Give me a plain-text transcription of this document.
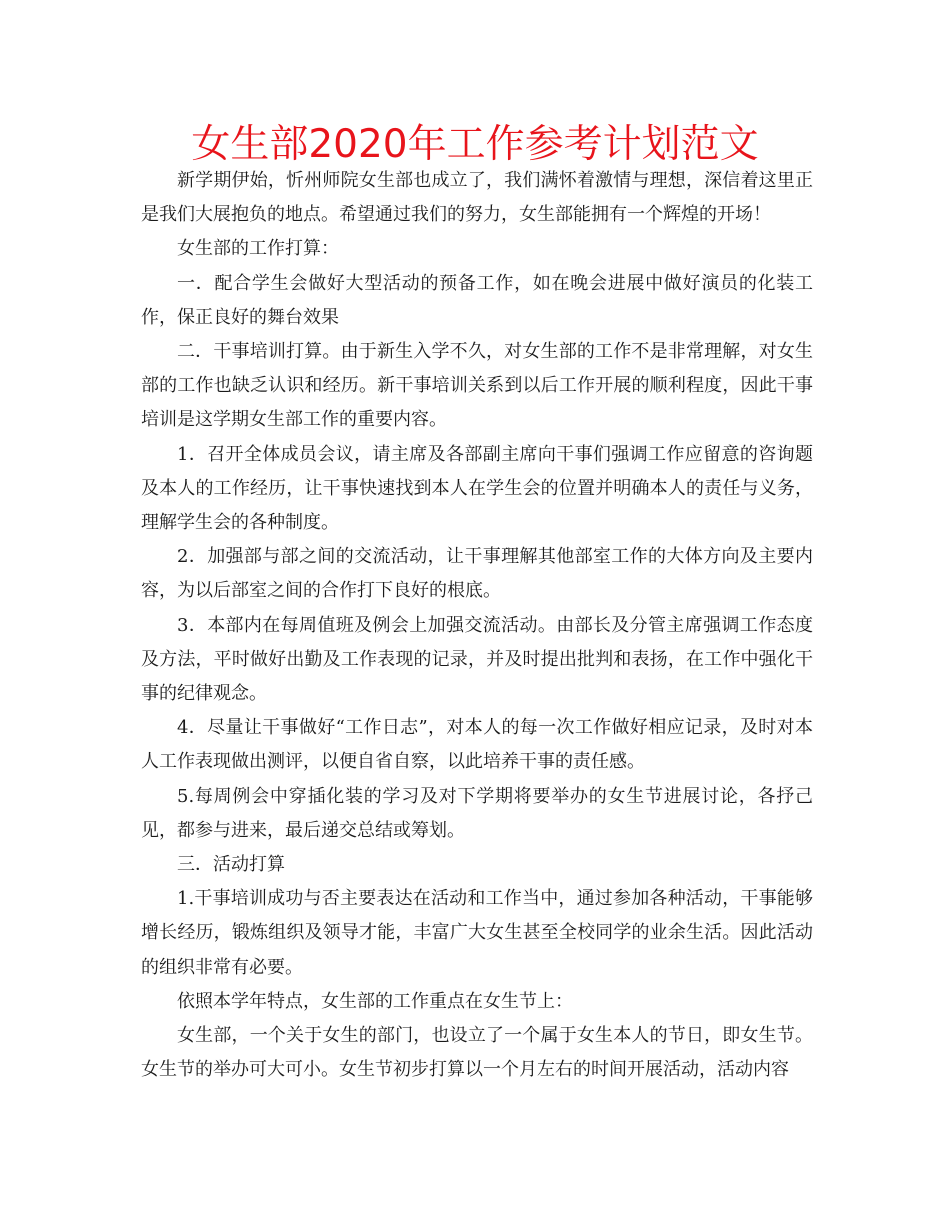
女生部2020年工作参考计划范文

新学期伊始，忻州师院女生部也成立了，我们满怀着激情与理想，深信着这里正是我们大展抱负的地点。希望通过我们的努力，女生部能拥有一个辉煌的开场！

女生部的工作打算：

一．配合学生会做好大型活动的预备工作，如在晚会进展中做好演员的化装工作，保正良好的舞台效果

二．干事培训打算。由于新生入学不久，对女生部的工作不是非常理解，对女生部的工作也缺乏认识和经历。新干事培训关系到以后工作开展的顺利程度，因此干事培训是这学期女生部工作的重要内容。

1．召开全体成员会议，请主席及各部副主席向干事们强调工作应留意的咨询题及本人的工作经历，让干事快速找到本人在学生会的位置并明确本人的责任与义务，理解学生会的各种制度。

2．加强部与部之间的交流活动，让干事理解其他部室工作的大体方向及主要内容，为以后部室之间的合作打下良好的根底。

3．本部内在每周值班及例会上加强交流活动。由部长及分管主席强调工作态度及方法，平时做好出勤及工作表现的记录，并及时提出批判和表扬，在工作中强化干事的纪律观念。

4．尽量让干事做好“工作日志”，对本人的每一次工作做好相应记录，及时对本人工作表现做出测评，以便自省自察，以此培养干事的责任感。

5.每周例会中穿插化装的学习及对下学期将要举办的女生节进展讨论，各抒己见，都参与进来，最后递交总结或筹划。

三．活动打算

1.干事培训成功与否主要表达在活动和工作当中，通过参加各种活动，干事能够增长经历，锻炼组织及领导才能，丰富广大女生甚至全校同学的业余生活。因此活动的组织非常有必要。

依照本学年特点，女生部的工作重点在女生节上：

女生部，一个关于女生的部门，也设立了一个属于女生本人的节日，即女生节。女生节的举办可大可小。女生节初步打算以一个月左右的时间开展活动，活动内容
